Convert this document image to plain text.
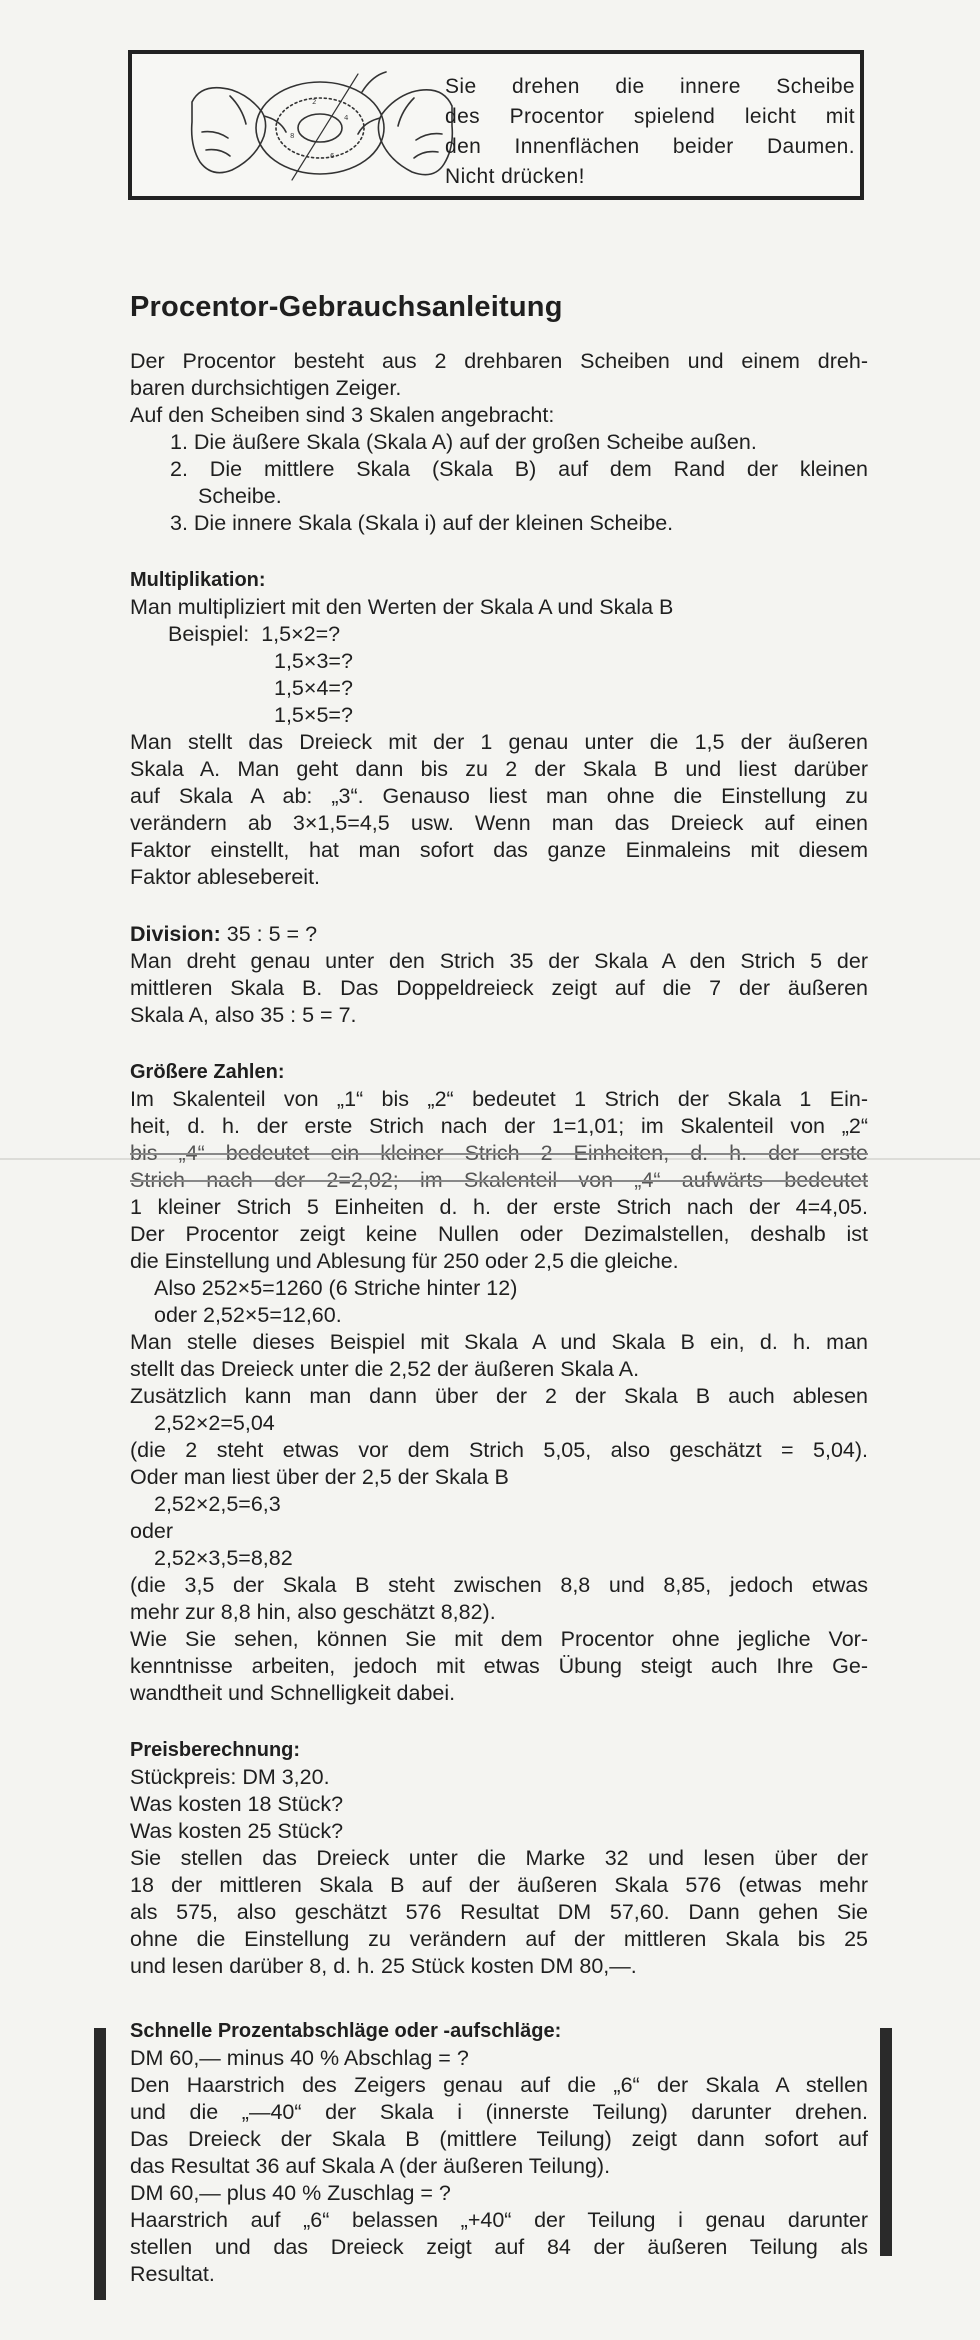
2
4
8
6
Sie drehen die innere Scheibe
des Procentor spielend leicht mit
den Innenflächen beider Daumen.
Nicht drücken!
Procentor-Gebrauchsanleitung
Der Procentor besteht aus 2 drehbaren Scheiben und einem dreh-
baren durchsichtigen Zeiger.
Auf den Scheiben sind 3 Skalen angebracht:
1. Die äußere Skala (Skala A) auf der großen Scheibe außen.
2. Die mittlere Skala (Skala B) auf dem Rand der kleinen
Scheibe.
3. Die innere Skala (Skala i) auf der kleinen Scheibe.
Multiplikation:
Man multipliziert mit den Werten der Skala A und Skala B
Beispiel: 1,5×2=?
1,5×3=?
1,5×4=?
1,5×5=?
Man stellt das Dreieck mit der 1 genau unter die 1,5 der äußeren
Skala A. Man geht dann bis zu 2 der Skala B und liest darüber
auf Skala A ab: „3“. Genauso liest man ohne die Einstellung zu
verändern ab 3×1,5=4,5 usw. Wenn man das Dreieck auf einen
Faktor einstellt, hat man sofort das ganze Einmaleins mit diesem
Faktor ablesebereit.
Division: 35 : 5 = ?
Man dreht genau unter den Strich 35 der Skala A den Strich 5 der
mittleren Skala B. Das Doppeldreieck zeigt auf die 7 der äußeren
Skala A, also 35 : 5 = 7.
Größere Zahlen:
Im Skalenteil von „1“ bis „2“ bedeutet 1 Strich der Skala 1 Ein-
heit, d. h. der erste Strich nach der 1=1,01; im Skalenteil von „2“
bis „4“ bedeutet ein kleiner Strich 2 Einheiten, d. h. der erste
Strich nach der 2=2,02; im Skalenteil von „4“ aufwärts bedeutet
1 kleiner Strich 5 Einheiten d. h. der erste Strich nach der 4=4,05.
Der Procentor zeigt keine Nullen oder Dezimalstellen, deshalb ist
die Einstellung und Ablesung für 250 oder 2,5 die gleiche.
Also 252×5=1260 (6 Striche hinter 12)
oder 2,52×5=12,60.
Man stelle dieses Beispiel mit Skala A und Skala B ein, d. h. man
stellt das Dreieck unter die 2,52 der äußeren Skala A.
Zusätzlich kann man dann über der 2 der Skala B auch ablesen
2,52×2=5,04
(die 2 steht etwas vor dem Strich 5,05, also geschätzt = 5,04).
Oder man liest über der 2,5 der Skala B
2,52×2,5=6,3
oder
2,52×3,5=8,82
(die 3,5 der Skala B steht zwischen 8,8 und 8,85, jedoch etwas
mehr zur 8,8 hin, also geschätzt 8,82).
Wie Sie sehen, können Sie mit dem Procentor ohne jegliche Vor-
kenntnisse arbeiten, jedoch mit etwas Übung steigt auch Ihre Ge-
wandtheit und Schnelligkeit dabei.
Preisberechnung:
Stückpreis: DM 3,20.
Was kosten 18 Stück?
Was kosten 25 Stück?
Sie stellen das Dreieck unter die Marke 32 und lesen über der
18 der mittleren Skala B auf der äußeren Skala 576 (etwas mehr
als 575, also geschätzt 576 Resultat DM 57,60. Dann gehen Sie
ohne die Einstellung zu verändern auf der mittleren Skala bis 25
und lesen darüber 8, d. h. 25 Stück kosten DM 80,—.
Schnelle Prozentabschläge oder -aufschläge:
DM 60,— minus 40 % Abschlag = ?
Den Haarstrich des Zeigers genau auf die „6“ der Skala A stellen
und die „—40“ der Skala i (innerste Teilung) darunter drehen.
Das Dreieck der Skala B (mittlere Teilung) zeigt dann sofort auf
das Resultat 36 auf Skala A (der äußeren Teilung).
DM 60,— plus 40 % Zuschlag = ?
Haarstrich auf „6“ belassen „+40“ der Teilung i genau darunter
stellen und das Dreieck zeigt auf 84 der äußeren Teilung als
Resultat.
